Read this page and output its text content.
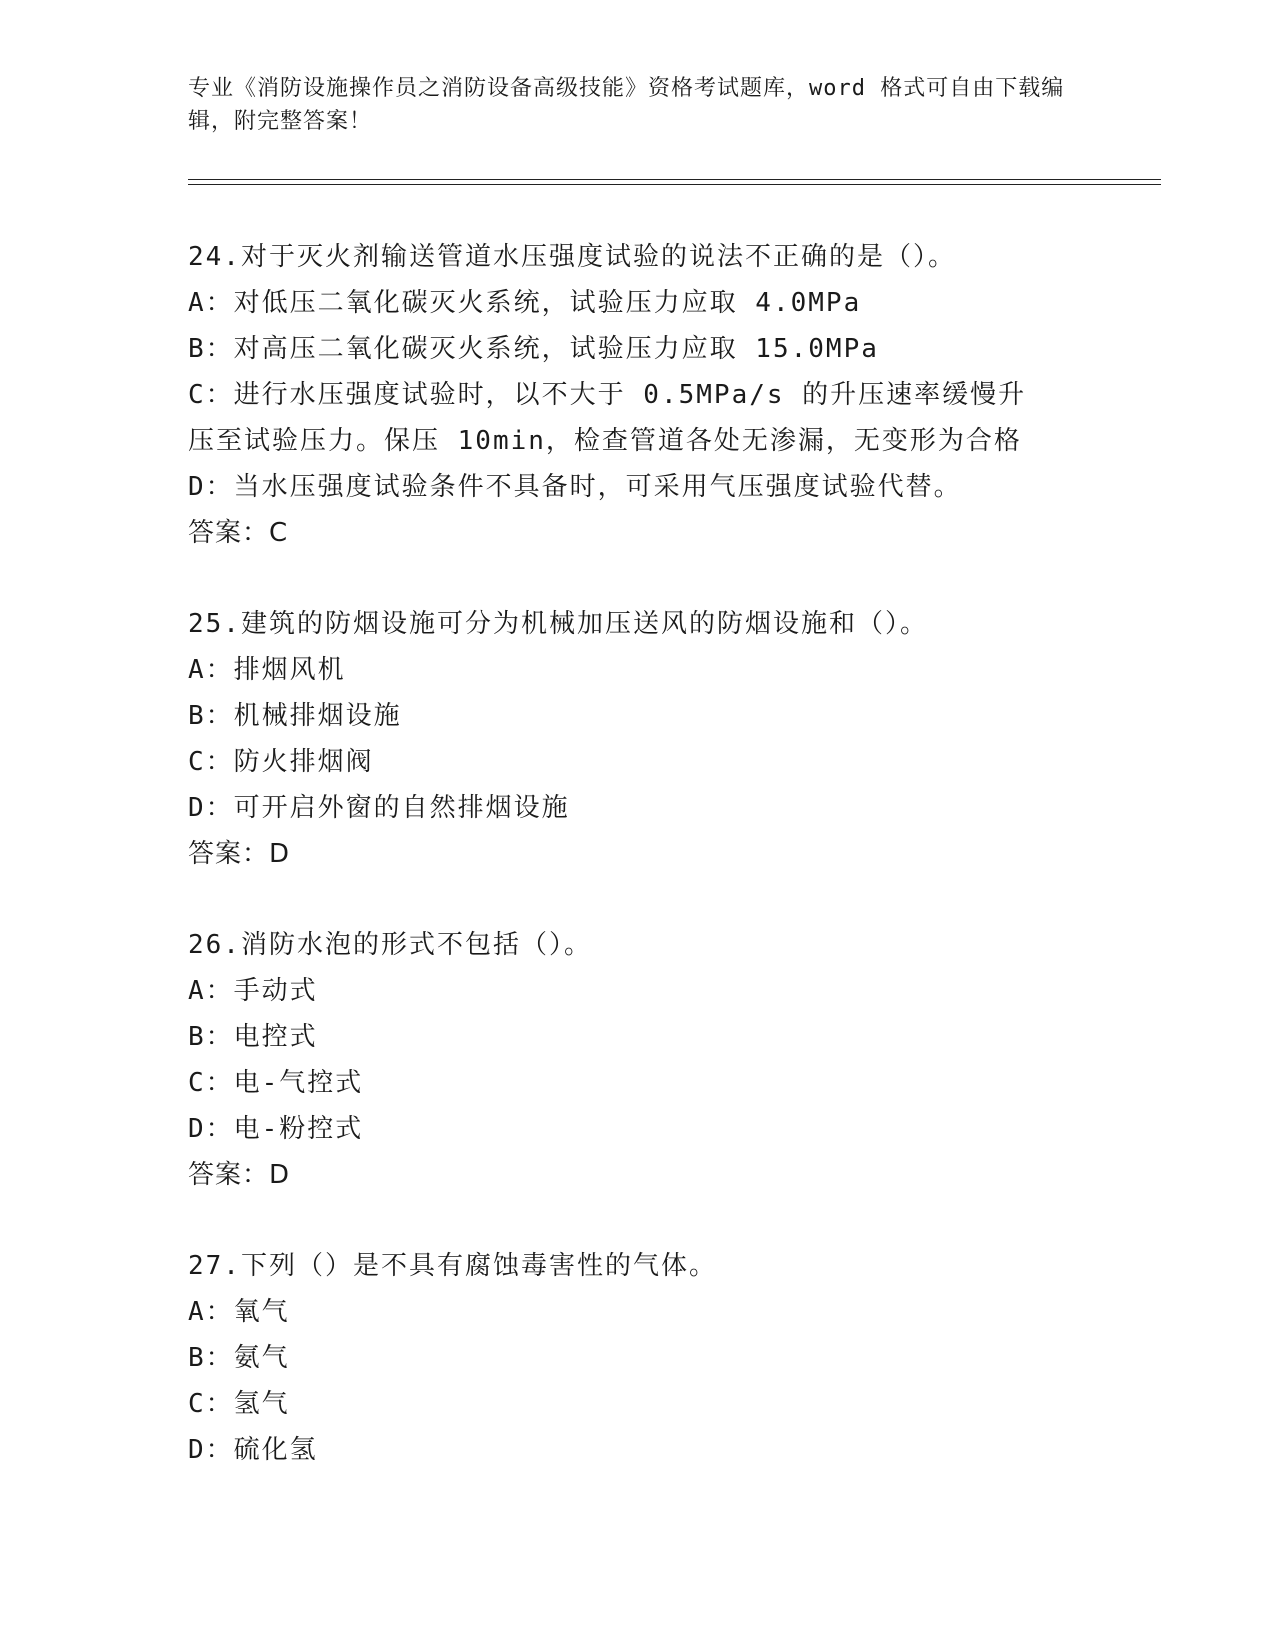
专业《消防设施操作员之消防设备高级技能》资格考试题库，word 格式可自由下载编辑，附完整答案！
24.对于灭火剂输送管道水压强度试验的说法不正确的是（）。
A：对低压二氧化碳灭火系统，试验压力应取 4.0MPa
B：对高压二氧化碳灭火系统，试验压力应取 15.0MPa
C：进行水压强度试验时，以不大于 0.5MPa/s 的升压速率缓慢升压至试验压力。保压 10min，检查管道各处无渗漏，无变形为合格
D：当水压强度试验条件不具备时，可采用气压强度试验代替。
答案：C
25.建筑的防烟设施可分为机械加压送风的防烟设施和（）。
A：排烟风机
B：机械排烟设施
C：防火排烟阀
D：可开启外窗的自然排烟设施
答案：D
26.消防水泡的形式不包括（）。
A：手动式
B：电控式
C：电-气控式
D：电-粉控式
答案：D
27.下列（）是不具有腐蚀毒害性的气体。
A：氧气
B：氨气
C：氢气
D：硫化氢
